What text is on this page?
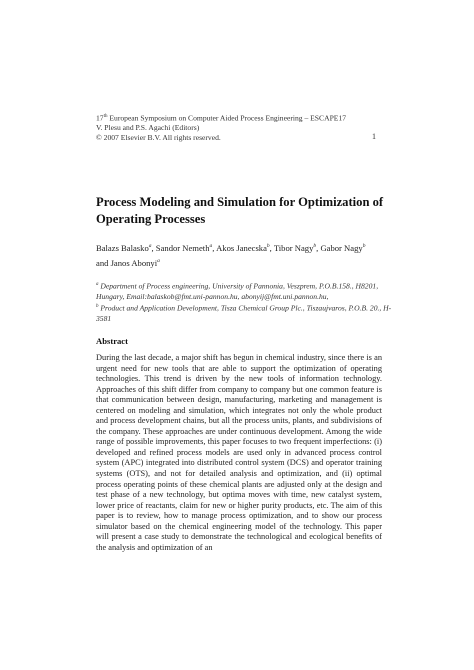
17th European Symposium on Computer Aided Process Engineering – ESCAPE17
V. Plesu and P.S. Agachi (Editors)
© 2007 Elsevier B.V. All rights reserved.	1
Process Modeling and Simulation for Optimization of Operating Processes
Balazs Balasko$^a$, Sandor Nemeth$^a$, Akos Janecska$^b$, Tibor Nagy$^b$, Gabor Nagy$^b$
and Janos Abonyi$^a$
$^a$ Department of Process engineering, University of Pannonia, Veszprem, P.O.B.158., H8201, Hungary, Email:balaskob@fmt.uni-pannon.hu, abonyij@fmt.uni.pannon.hu,
$^b$ Product and Application Development, Tisza Chemical Group Plc., Tiszaujvaros, P.O.B. 20., H-3581
Abstract

During the last decade, a major shift has begun in chemical industry, since there is an urgent need for new tools that are able to support the optimization of operating technologies. This trend is driven by the new tools of information technology. Approaches of this shift differ from company to company but one common feature is that communication between design, manufacturing, marketing and management is centered on modeling and simulation, which integrates not only the whole product and process development chains, but all the process units, plants, and subdivisions of the company. These approaches are under continuous development. Among the wide range of possible improvements, this paper focuses to two frequent imperfections: (i) developed and refined process models are used only in advanced process control system (APC) integrated into distributed control system (DCS) and operator training systems (OTS), and not for detailed analysis and optimization, and (ii) optimal process operating points of these chemical plants are adjusted only at the design and test phase of a new technology, but optima moves with time, new catalyst system, lower price of reactants, claim for new or higher purity products, etc. The aim of this paper is to review, how to manage process optimization, and to show our process simulator based on the chemical engineering model of the technology. This paper will present a case study to demonstrate the technological and ecological benefits of the analysis and optimization of an
